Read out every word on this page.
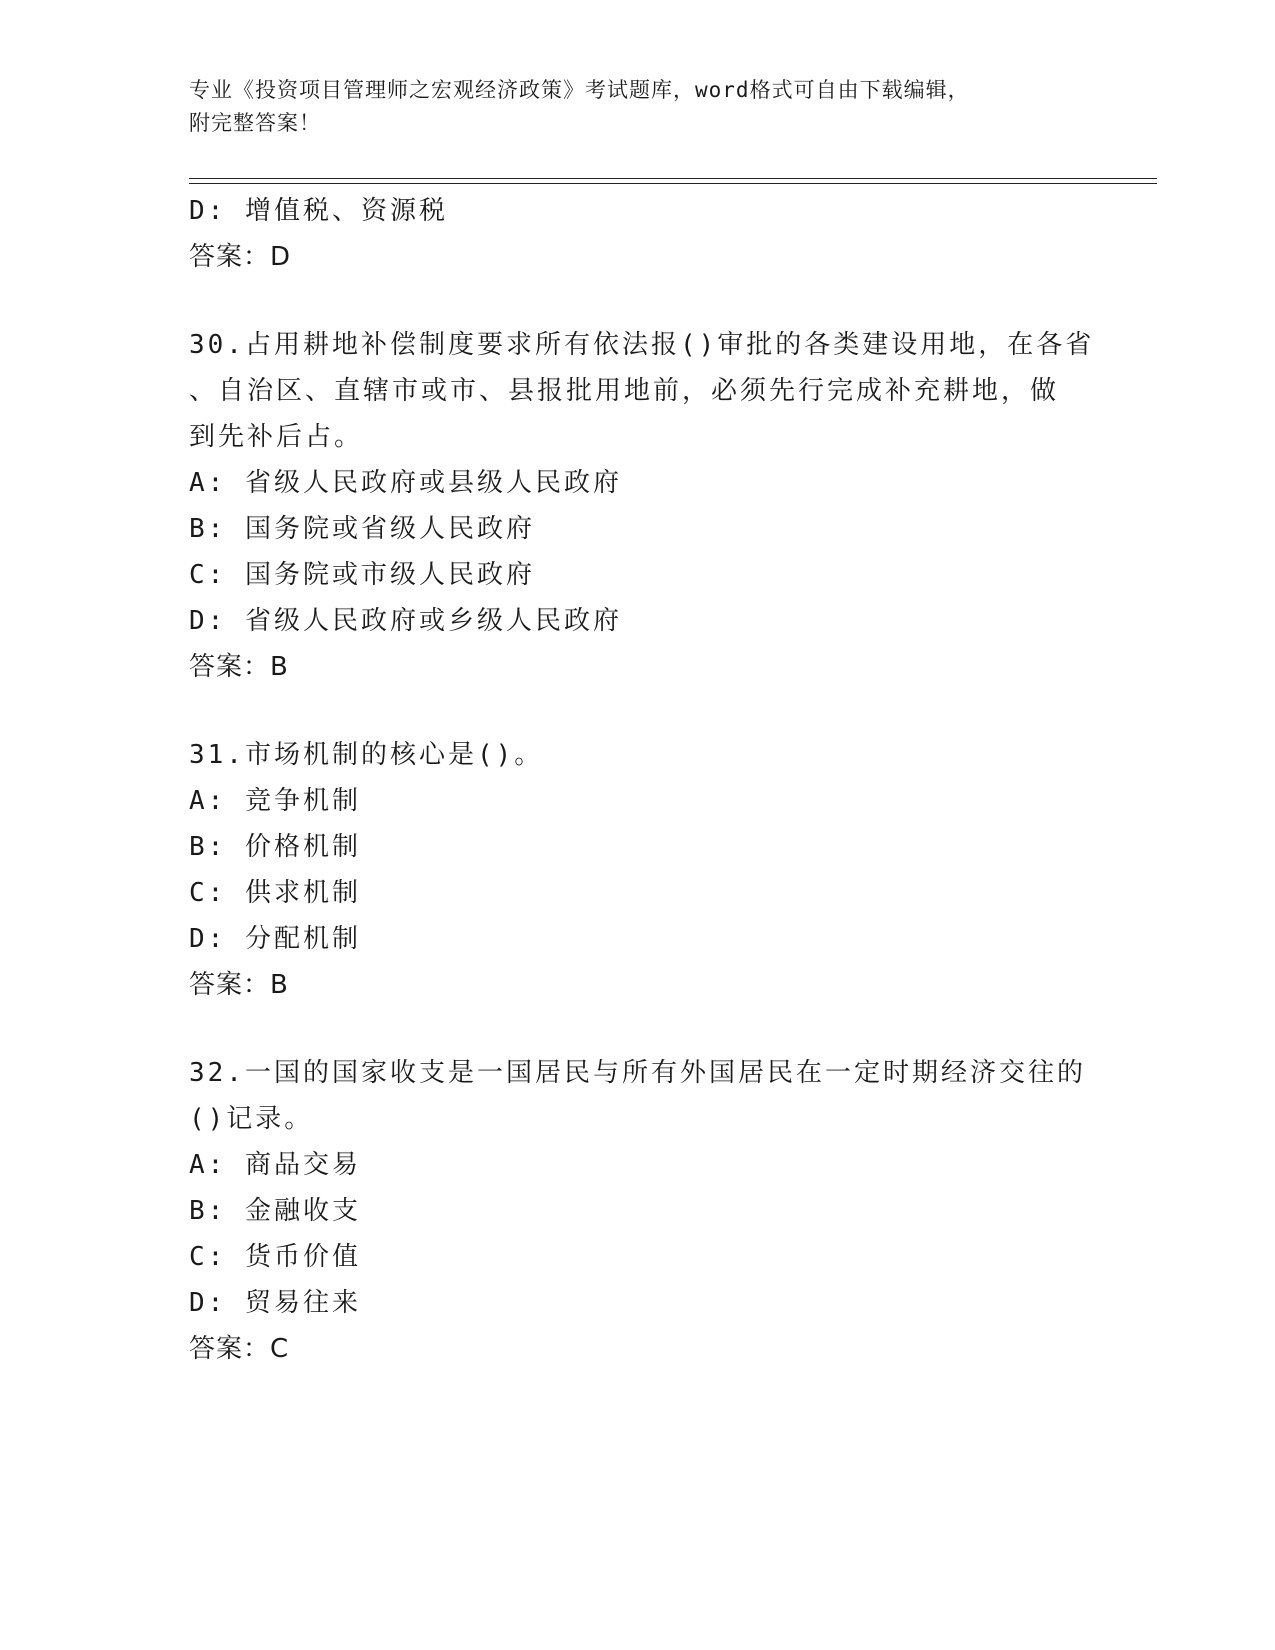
专业《投资项目管理师之宏观经济政策》考试题库，word格式可自由下载编辑，
附完整答案！
D: 增值税、资源税
答案：D
30.占用耕地补偿制度要求所有依法报()审批的各类建设用地，在各省
、自治区、直辖市或市、县报批用地前，必须先行完成补充耕地，做
到先补后占。
A: 省级人民政府或县级人民政府
B: 国务院或省级人民政府
C: 国务院或市级人民政府
D: 省级人民政府或乡级人民政府
答案：B
31.市场机制的核心是()。
A: 竞争机制
B: 价格机制
C: 供求机制
D: 分配机制
答案：B
32.一国的国家收支是一国居民与所有外国居民在一定时期经济交往的
()记录。
A: 商品交易
B: 金融收支
C: 货币价值
D: 贸易往来
答案：C
